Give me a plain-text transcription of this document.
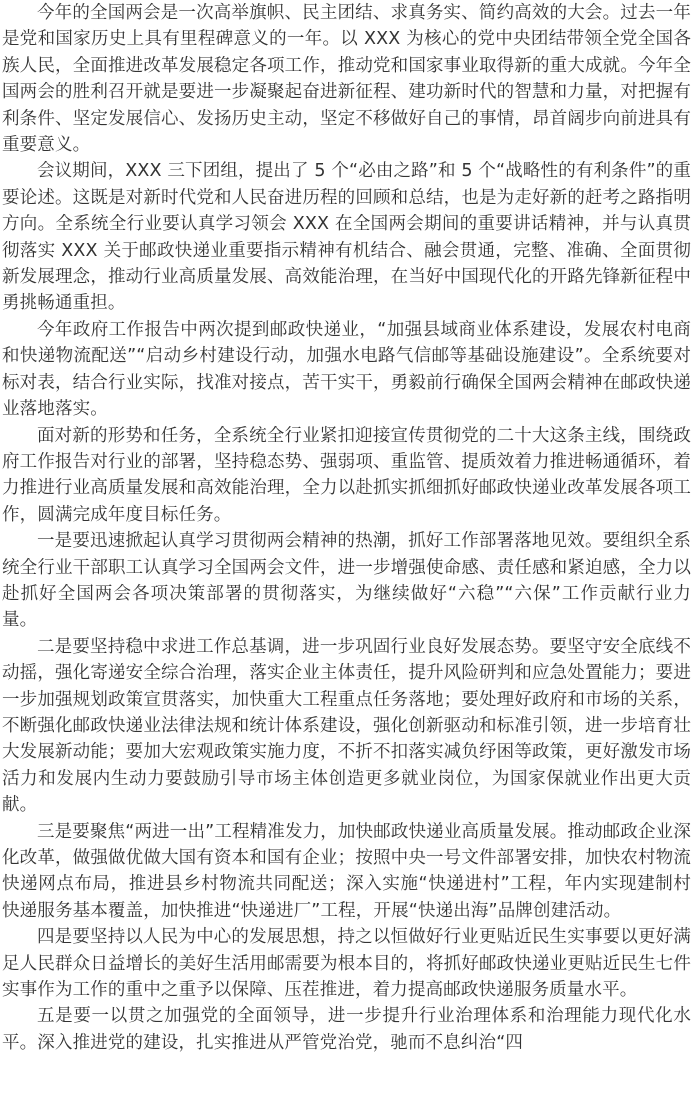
今年的全国两会是一次高举旗帜、民主团结、求真务实、简约高效的大会。过去一年是党和国家历史上具有里程碑意义的一年。以 XXX 为核心的党中央团结带领全党全国各族人民，全面推进改革发展稳定各项工作，推动党和国家事业取得新的重大成就。今年全国两会的胜利召开就是要进一步凝聚起奋进新征程、建功新时代的智慧和力量，对把握有利条件、坚定发展信心、发扬历史主动，坚定不移做好自己的事情，昂首阔步向前进具有重要意义。

会议期间，XXX 三下团组，提出了 5 个“必由之路”和 5 个“战略性的有利条件”的重要论述。这既是对新时代党和人民奋进历程的回顾和总结，也是为走好新的赶考之路指明方向。全系统全行业要认真学习领会 XXX 在全国两会期间的重要讲话精神，并与认真贯彻落实 XXX 关于邮政快递业重要指示精神有机结合、融会贯通，完整、准确、全面贯彻新发展理念，推动行业高质量发展、高效能治理，在当好中国现代化的开路先锋新征程中勇挑畅通重担。

今年政府工作报告中两次提到邮政快递业，“加强县域商业体系建设，发展农村电商和快递物流配送”“启动乡村建设行动，加强水电路气信邮等基础设施建设”。全系统要对标对表，结合行业实际，找准对接点，苦干实干，勇毅前行确保全国两会精神在邮政快递业落地落实。

面对新的形势和任务，全系统全行业紧扣迎接宣传贯彻党的二十大这条主线，围绕政府工作报告对行业的部署，坚持稳态势、强弱项、重监管、提质效着力推进畅通循环，着力推进行业高质量发展和高效能治理，全力以赴抓实抓细抓好邮政快递业改革发展各项工作，圆满完成年度目标任务。

一是要迅速掀起认真学习贯彻两会精神的热潮，抓好工作部署落地见效。要组织全系统全行业干部职工认真学习全国两会文件，进一步增强使命感、责任感和紧迫感，全力以赴抓好全国两会各项决策部署的贯彻落实，为继续做好“六稳”“六保”工作贡献行业力量。

二是要坚持稳中求进工作总基调，进一步巩固行业良好发展态势。要坚守安全底线不动摇，强化寄递安全综合治理，落实企业主体责任，提升风险研判和应急处置能力；要进一步加强规划政策宣贯落实，加快重大工程重点任务落地；要处理好政府和市场的关系，不断强化邮政快递业法律法规和统计体系建设，强化创新驱动和标准引领，进一步培育壮大发展新动能；要加大宏观政策实施力度，不折不扣落实减负纾困等政策，更好激发市场活力和发展内生动力要鼓励引导市场主体创造更多就业岗位，为国家保就业作出更大贡献。

三是要聚焦“两进一出”工程精准发力，加快邮政快递业高质量发展。推动邮政企业深化改革，做强做优做大国有资本和国有企业；按照中央一号文件部署安排，加快农村物流快递网点布局，推进县乡村物流共同配送；深入实施“快递进村”工程，年内实现建制村快递服务基本覆盖，加快推进“快递进厂”工程，开展“快递出海”品牌创建活动。

四是要坚持以人民为中心的发展思想，持之以恒做好行业更贴近民生实事要以更好满足人民群众日益增长的美好生活用邮需要为根本目的，将抓好邮政快递业更贴近民生七件实事作为工作的重中之重予以保障、压茬推进，着力提高邮政快递服务质量水平。

五是要一以贯之加强党的全面领导，进一步提升行业治理体系和治理能力现代化水平。深入推进党的建设，扎实推进从严管党治党，驰而不息纠治“四
